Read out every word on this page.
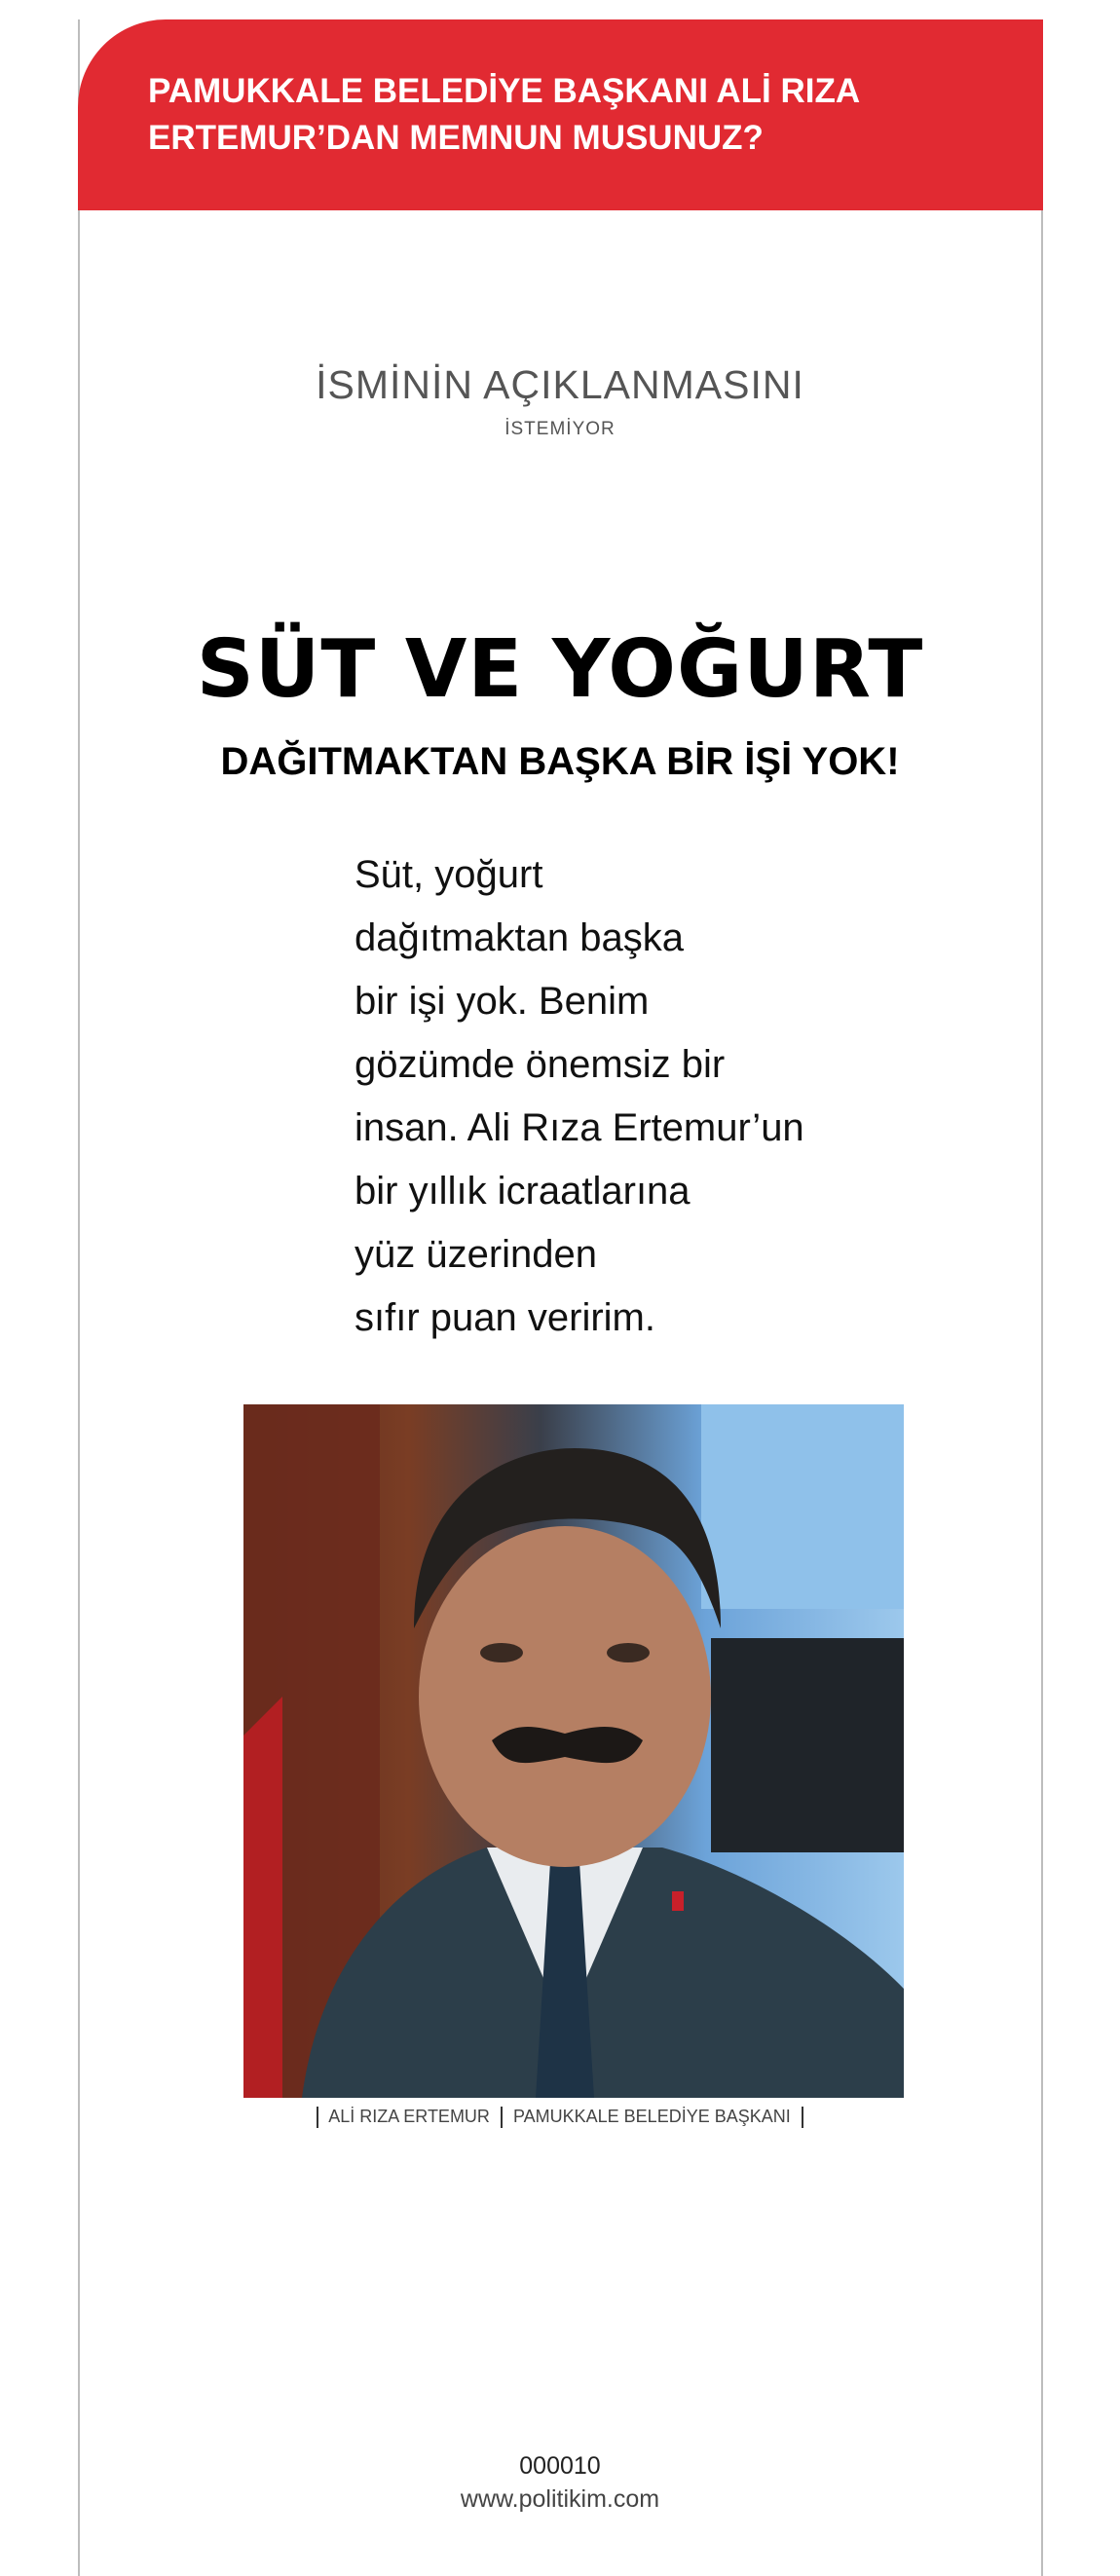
PAMUKKALE BELEDİYE BAŞKANI ALİ RIZA
ERTEMUR’DAN MEMNUN MUSUNUZ?

İSMİNİN AÇIKLANMASINI
İSTEMİYOR
SÜT VE YOĞURT
DAĞITMAKTAN BAŞKA BİR İŞİ YOK!

Süt, yoğurt
dağıtmaktan başka
bir işi yok. Benim
gözümde önemsiz bir
insan. Ali Rıza Ertemur’un
bir yıllık icraatlarına
yüz üzerinden
sıfır puan veririm.

ALİ RIZA ERTEMUR PAMUKKALE BELEDİYE BAŞKANI
000010
www.politikim.com
